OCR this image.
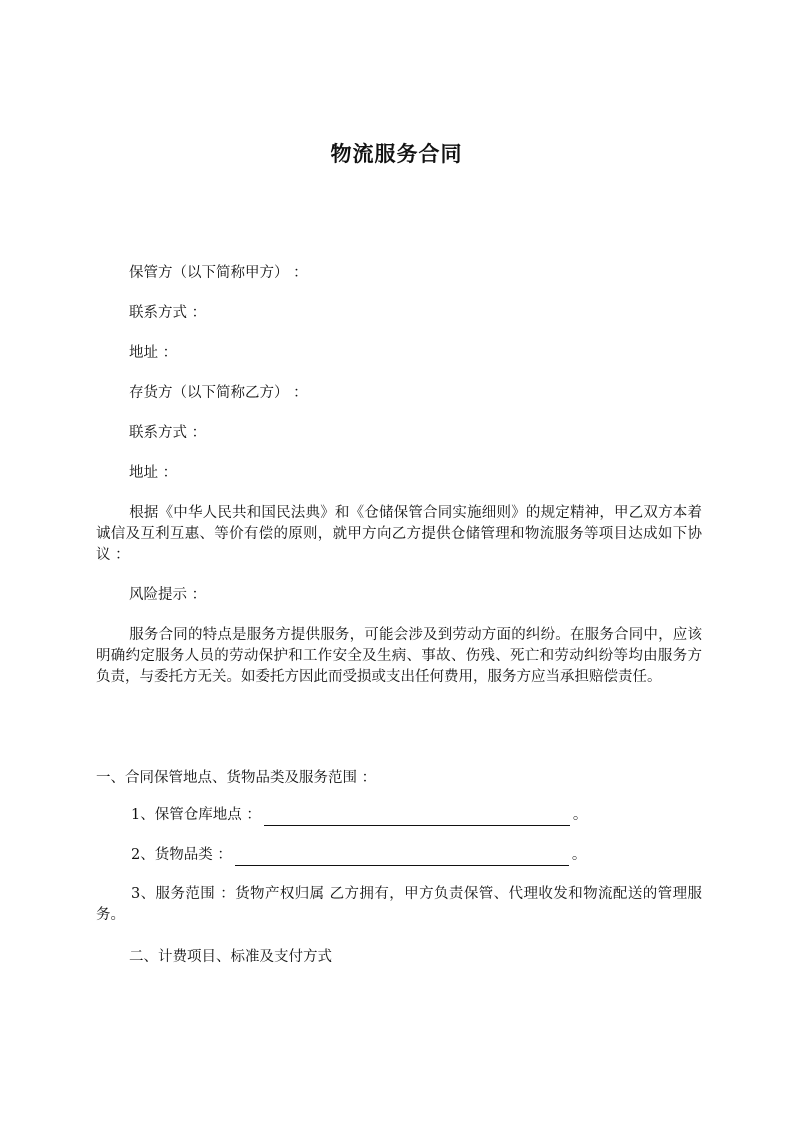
物流服务合同
保管方（以下简称甲方） ：
联系方式 ：
地址 ：
存货方（以下简称乙方） ：
联系方式 ：
地址 ：
根据《中华人民共和国民法典》和《仓储保管合同实施细则》的规定精神，甲乙双方本着诚信及互利互惠、等价有偿的原则，就甲方向乙方提供仓储管理和物流服务等项目达成如下协议 ：
风险提示 ：
服务合同的特点是服务方提供服务，可能会涉及到劳动方面的纠纷。在服务合同中，应该明确约定服务人员的劳动保护和工作安全及生病、事故、伤残、死亡和劳动纠纷等均由服务方负责，与委托方无关。如委托方因此而受损或支出任何费用，服务方应当承担赔偿责任。
一、合同保管地点、货物品类及服务范围 ：
1、保管仓库地点 ：	。
2、货物品类 ：	。
3、服务范围 ：货物产权归属 乙方拥有，甲方负责保管、代理收发和物流配送的管理服务。
二、计费项目、标准及支付方式
